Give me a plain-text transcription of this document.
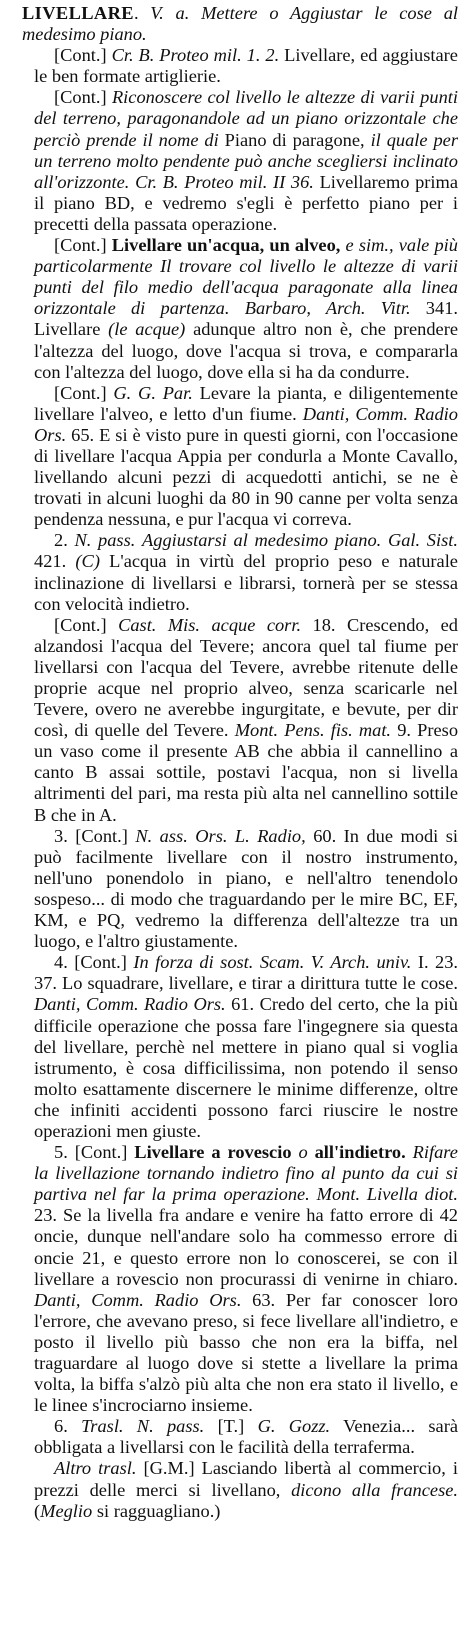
LIVELLARE. V. a. Mettere o Aggiustar le cose al medesimo piano.

[Cont.] Cr. B. Proteo mil. 1. 2. Livellare, ed aggiustare le ben formate artiglierie.

[Cont.] Riconoscere col livello le altezze di varii punti del terreno, paragonandole ad un piano orizzontale che perciò prende il nome di Piano di paragone, il quale per un terreno molto pendente può anche scegliersi inclinato all'orizzonte. Cr. B. Proteo mil. II 36. Livellaremo prima il piano BD, e vedremo s'egli è perfetto piano per i precetti della passata operazione.

[Cont.] Livellare un'acqua, un alveo, e sim., vale più particolarmente Il trovare col livello le altezze di varii punti del filo medio dell'acqua paragonate alla linea orizzontale di partenza. Barbaro, Arch. Vitr. 341. Livellare (le acque) adunque altro non è, che prendere l'altezza del luogo, dove l'acqua si trova, e compararla con l'altezza del luogo, dove ella si ha da condurre.

[Cont.] G. G. Par. Levare la pianta, e diligentemente livellare l'alveo, e letto d'un fiume. Danti, Comm. Radio Ors. 65. E si è visto pure in questi giorni, con l'occasione di livellare l'acqua Appia per condurla a Monte Cavallo, livellando alcuni pezzi di acquedotti antichi, se ne è trovati in alcuni luoghi da 80 in 90 canne per volta senza pendenza nessuna, e pur l'acqua vi correva.

2. N. pass. Aggiustarsi al medesimo piano. Gal. Sist. 421. (C) L'acqua in virtù del proprio peso e naturale inclinazione di livellarsi e librarsi, tornerà per se stessa con velocità indietro.

[Cont.] Cast. Mis. acque corr. 18. Crescendo, ed alzandosi l'acqua del Tevere; ancora quel tal fiume per livellarsi con l'acqua del Tevere, avrebbe ritenute delle proprie acque nel proprio alveo, senza scaricarle nel Tevere, overo ne averebbe ingurgitate, e bevute, per dir così, di quelle del Tevere. Mont. Pens. fis. mat. 9. Preso un vaso come il presente AB che abbia il cannellino a canto B assai sottile, postavi l'acqua, non si livella altrimenti del pari, ma resta più alta nel cannellino sottile B che in A.

3. [Cont.] N. ass. Ors. L. Radio, 60. In due modi si può facilmente livellare con il nostro instrumento, nell'uno ponendolo in piano, e nell'altro tenendolo sospeso... di modo che traguardando per le mire BC, EF, KM, e PQ, vedremo la differenza dell'altezze tra un luogo, e l'altro giustamente.

4. [Cont.] In forza di sost. Scam. V. Arch. univ. I. 23. 37. Lo squadrare, livellare, e tirar a dirittura tutte le cose. Danti, Comm. Radio Ors. 61. Credo del certo, che la più difficile operazione che possa fare l'ingegnere sia questa del livellare, perchè nel mettere in piano qual si voglia istrumento, è cosa difficilissima, non potendo il senso molto esattamente discernere le minime differenze, oltre che infiniti accidenti possono farci riuscire le nostre operazioni men giuste.

5. [Cont.] Livellare a rovescio o all'indietro. Rifare la livellazione tornando indietro fino al punto da cui si partiva nel far la prima operazione. Mont. Livella diot. 23. Se la livella fra andare e venire ha fatto errore di 42 oncie, dunque nell'andare solo ha commesso errore di oncie 21, e questo errore non lo conoscerei, se con il livellare a rovescio non procurassi di venirne in chiaro. Danti, Comm. Radio Ors. 63. Per far conoscer loro l'errore, che avevano preso, si fece livellare all'indietro, e posto il livello più basso che non era la biffa, nel traguardare al luogo dove si stette a livellare la prima volta, la biffa s'alzò più alta che non era stato il livello, e le linee s'incrociarno insieme.

6. Trasl. N. pass. [T.] G. Gozz. Venezia... sarà obbligata a livellarsi con le facilità della terraferma.

Altro trasl. [G.M.] Lasciando libertà al commercio, i prezzi delle merci si livellano, dicono alla francese. (Meglio si ragguagliano.)
